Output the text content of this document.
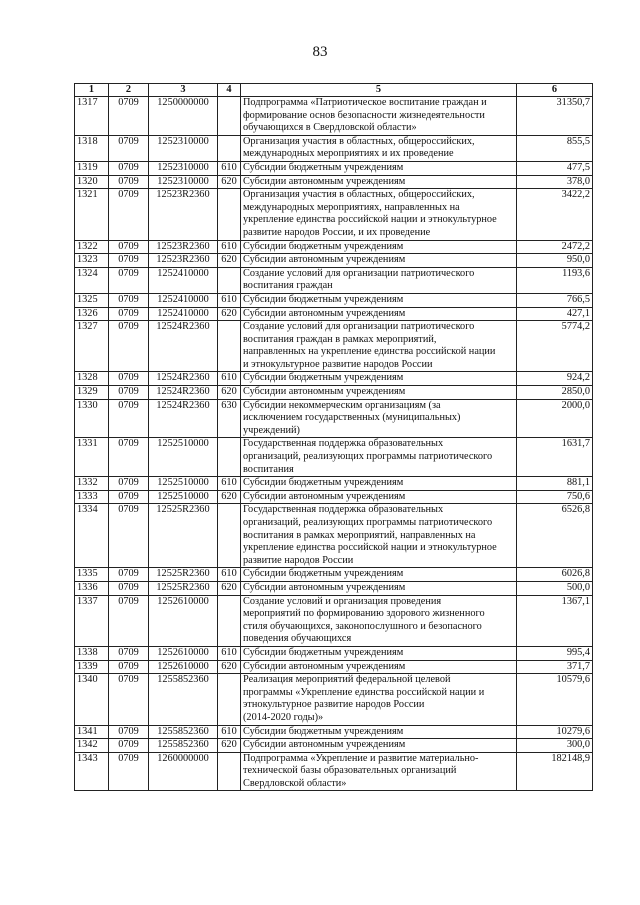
83
1	2	3	4	5	6
1317	0709	1250000000		Подпрограмма «Патриотическое воспитание граждан и
формирование основ безопасности жизнедеятельности
обучающихся в Свердловской области»	31350,7
1318	0709	1252310000		Организация участия в областных, общероссийских,
международных мероприятиях и их проведение	855,5
1319	0709	1252310000	610	Субсидии бюджетным учреждениям	477,5
1320	0709	1252310000	620	Субсидии автономным учреждениям	378,0
1321	0709	12523R2360		Организация участия в областных, общероссийских,
международных мероприятиях, направленных на
укрепление единства российской нации и этнокультурное
развитие народов России, и их проведение	3422,2
1322	0709	12523R2360	610	Субсидии бюджетным учреждениям	2472,2
1323	0709	12523R2360	620	Субсидии автономным учреждениям	950,0
1324	0709	1252410000		Создание условий для организации патриотического
воспитания граждан	1193,6
1325	0709	1252410000	610	Субсидии бюджетным учреждениям	766,5
1326	0709	1252410000	620	Субсидии автономным учреждениям	427,1
1327	0709	12524R2360		Создание условий для организации патриотического
воспитания граждан в рамках мероприятий,
направленных на укрепление единства российской нации
и этнокультурное развитие народов России	5774,2
1328	0709	12524R2360	610	Субсидии бюджетным учреждениям	924,2
1329	0709	12524R2360	620	Субсидии автономным учреждениям	2850,0
1330	0709	12524R2360	630	Субсидии некоммерческим организациям (за
исключением государственных (муниципальных)
учреждений)	2000,0
1331	0709	1252510000		Государственная поддержка образовательных
организаций, реализующих программы патриотического
воспитания	1631,7
1332	0709	1252510000	610	Субсидии бюджетным учреждениям	881,1
1333	0709	1252510000	620	Субсидии автономным учреждениям	750,6
1334	0709	12525R2360		Государственная поддержка образовательных
организаций, реализующих программы патриотического
воспитания в рамках мероприятий, направленных на
укрепление единства российской нации и этнокультурное
развитие народов России	6526,8
1335	0709	12525R2360	610	Субсидии бюджетным учреждениям	6026,8
1336	0709	12525R2360	620	Субсидии автономным учреждениям	500,0
1337	0709	1252610000		Создание условий и организация проведения
мероприятий по формированию здорового жизненного
стиля обучающихся, законопослушного и безопасного
поведения обучающихся	1367,1
1338	0709	1252610000	610	Субсидии бюджетным учреждениям	995,4
1339	0709	1252610000	620	Субсидии автономным учреждениям	371,7
1340	0709	1255852360		Реализация мероприятий федеральной целевой
программы «Укрепление единства российской нации и
этнокультурное развитие народов России
(2014-2020 годы)»	10579,6
1341	0709	1255852360	610	Субсидии бюджетным учреждениям	10279,6
1342	0709	1255852360	620	Субсидии автономным учреждениям	300,0
1343	0709	1260000000		Подпрограмма «Укрепление и развитие материально-
технической базы образовательных организаций
Свердловской области»	182148,9
